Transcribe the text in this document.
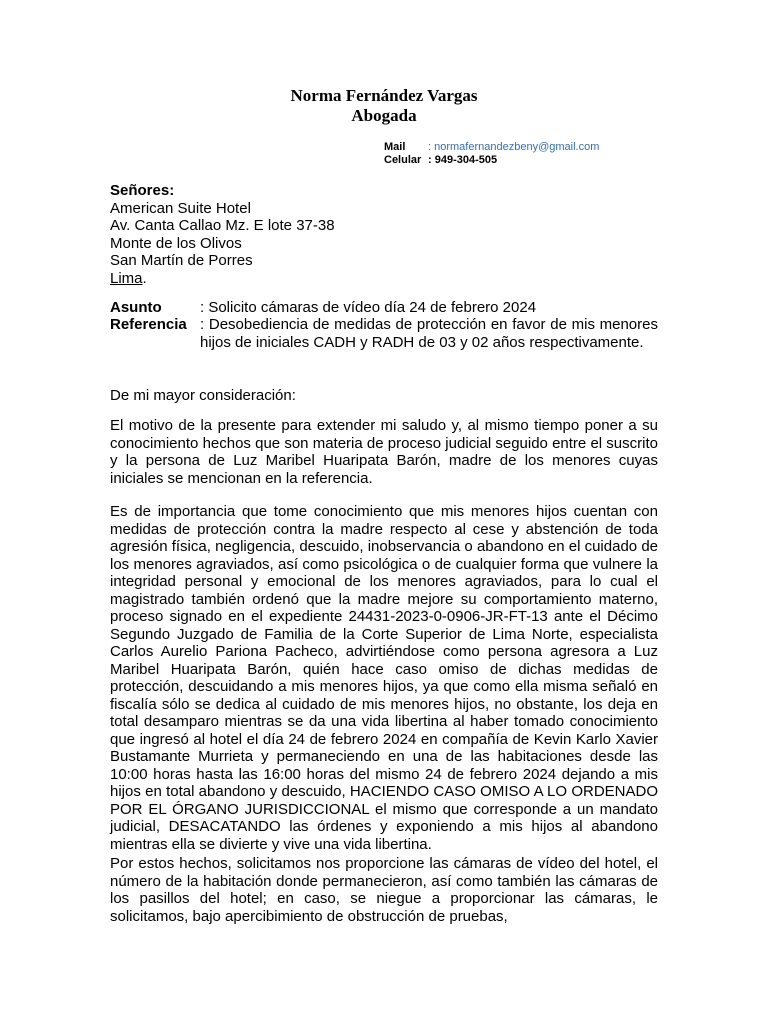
Norma Fernández Vargas
Abogada
Mail : normafernandezbeny@gmail.com
Celular : 949-304-505
Señores:
American Suite Hotel
Av. Canta Callao Mz. E lote 37-38
Monte de los Olivos
San Martín de Porres
Lima.
Asunto	: Solicito cámaras de vídeo día 24 de febrero 2024
Referencia : Desobediencia de medidas de protección en favor de mis menores hijos de iniciales CADH y RADH de 03 y 02 años respectivamente.
De mi mayor consideración:
El motivo de la presente para extender mi saludo y, al mismo tiempo poner a su conocimiento hechos que son materia de proceso judicial seguido entre el suscrito y la persona de Luz Maribel Huaripata Barón, madre de los menores cuyas iniciales se mencionan en la referencia.
Es de importancia que tome conocimiento que mis menores hijos cuentan con medidas de protección contra la madre respecto al cese y abstención de toda agresión física, negligencia, descuido, inobservancia o abandono en el cuidado de los menores agraviados, así como psicológica o de cualquier forma que vulnere la integridad personal y emocional de los menores agraviados, para lo cual el magistrado también ordenó que la madre mejore su comportamiento materno, proceso signado en el expediente 24431-2023-0-0906-JR-FT-13 ante el Décimo Segundo Juzgado de Familia de la Corte Superior de Lima Norte, especialista Carlos Aurelio Pariona Pacheco, advirtiéndose como persona agresora a Luz Maribel Huaripata Barón, quién hace caso omiso de dichas medidas de protección, descuidando a mis menores hijos, ya que como ella misma señaló en fiscalía sólo se dedica al cuidado de mis menores hijos, no obstante, los deja en total desamparo mientras se da una vida libertina al haber tomado conocimiento que ingresó al hotel el día 24 de febrero 2024 en compañía de Kevin Karlo Xavier Bustamante Murrieta y permaneciendo en una de las habitaciones desde las 10:00 horas hasta las 16:00 horas del mismo 24 de febrero 2024 dejando a mis hijos en total abandono y descuido, HACIENDO CASO OMISO A LO ORDENADO POR EL ÓRGANO JURISDICCIONAL el mismo que corresponde a un mandato judicial, DESACATANDO las órdenes y exponiendo a mis hijos al abandono mientras ella se divierte y vive una vida libertina.
Por estos hechos, solicitamos nos proporcione las cámaras de vídeo del hotel, el número de la habitación donde permanecieron, así como también las cámaras de los pasillos del hotel; en caso, se niegue a proporcionar las cámaras, le solicitamos, bajo apercibimiento de obstrucción de pruebas,
